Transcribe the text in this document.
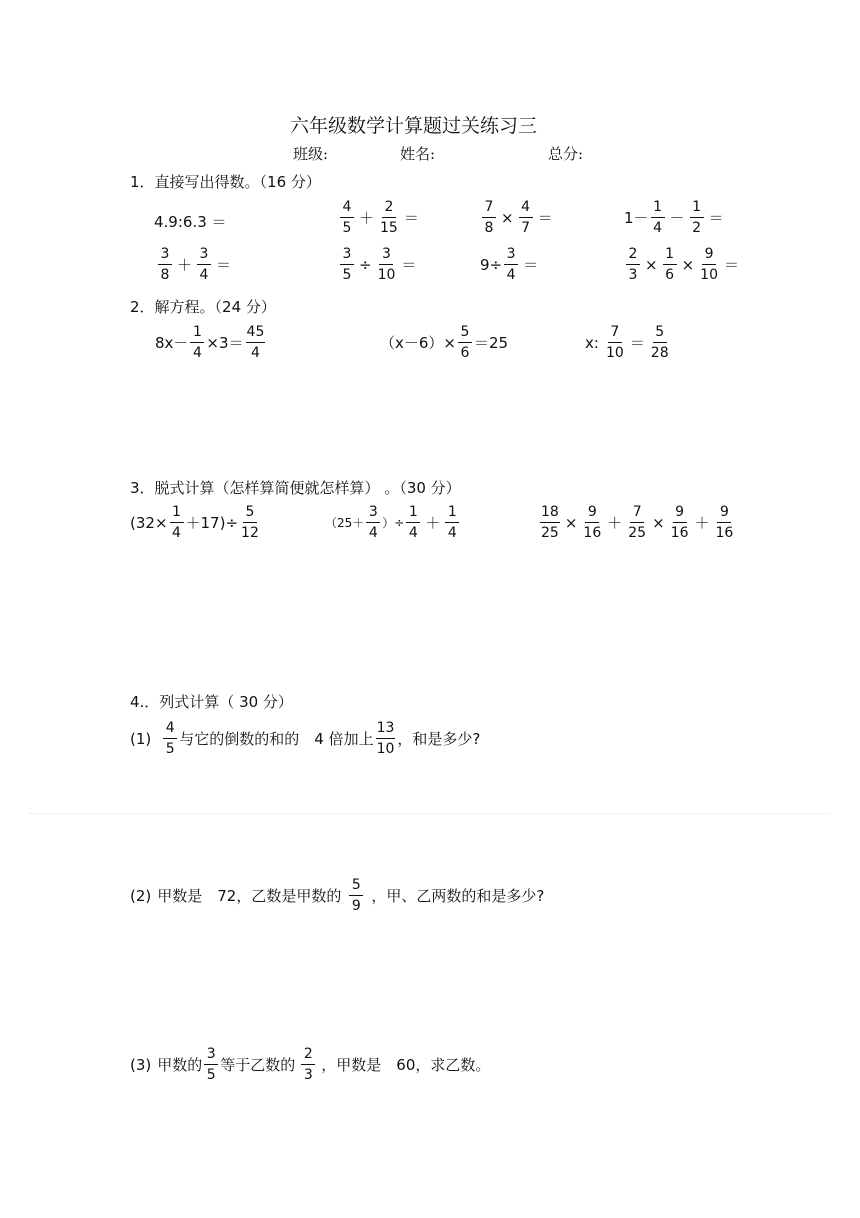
六年级数学计算题过关练习三
班级:	姓名:	总分:
1．直接写出得数。（16 分）
4.9:6.3 ＝	$\frac{4}{5} + \frac{2}{15}$ ＝	$\frac{7}{8} \times \frac{4}{7}$ ＝	$1- \frac{1}{4} - \frac{1}{2}$ ＝
$\frac{3}{8} + \frac{3}{4}$ ＝	$\frac{3}{5} \div \frac{3}{10}$ ＝	$9\div \frac{3}{4}$ ＝	$\frac{2}{3} \times \frac{1}{6} \times \frac{9}{10}$ ＝
2．解方程。（24 分）
$8x- \frac{1}{4} \times 3= \frac{45}{4}$	$(x-6)\times \frac{5}{6} =25$	x: $\frac{7}{10} = \frac{5}{28}$
3．脱式计算（怎样算简便就怎样算） 。（30 分）
$(32\times \frac{1}{4} +17)\div \frac{5}{12}$	（$25+ \frac{3}{4}$ ）÷ $\frac{1}{4} + \frac{1}{4}$	$\frac{18}{25} \times \frac{9}{16} + \frac{7}{25} \times \frac{9}{16} + \frac{9}{16}$
4.．列式计算（ 30 分）
$(1) \frac{4}{5}$ 与它的倒数的和的　4 倍加上 $\frac{13}{10}$ ，和是多少?
(2) 甲数是　72，乙数是甲数的 $\frac{5}{9}$ ，甲、乙两数的和是多少?
(3) 甲数的 $\frac{3}{5}$ 等于乙数的 $\frac{2}{3}$ ，甲数是　60，求乙数。
